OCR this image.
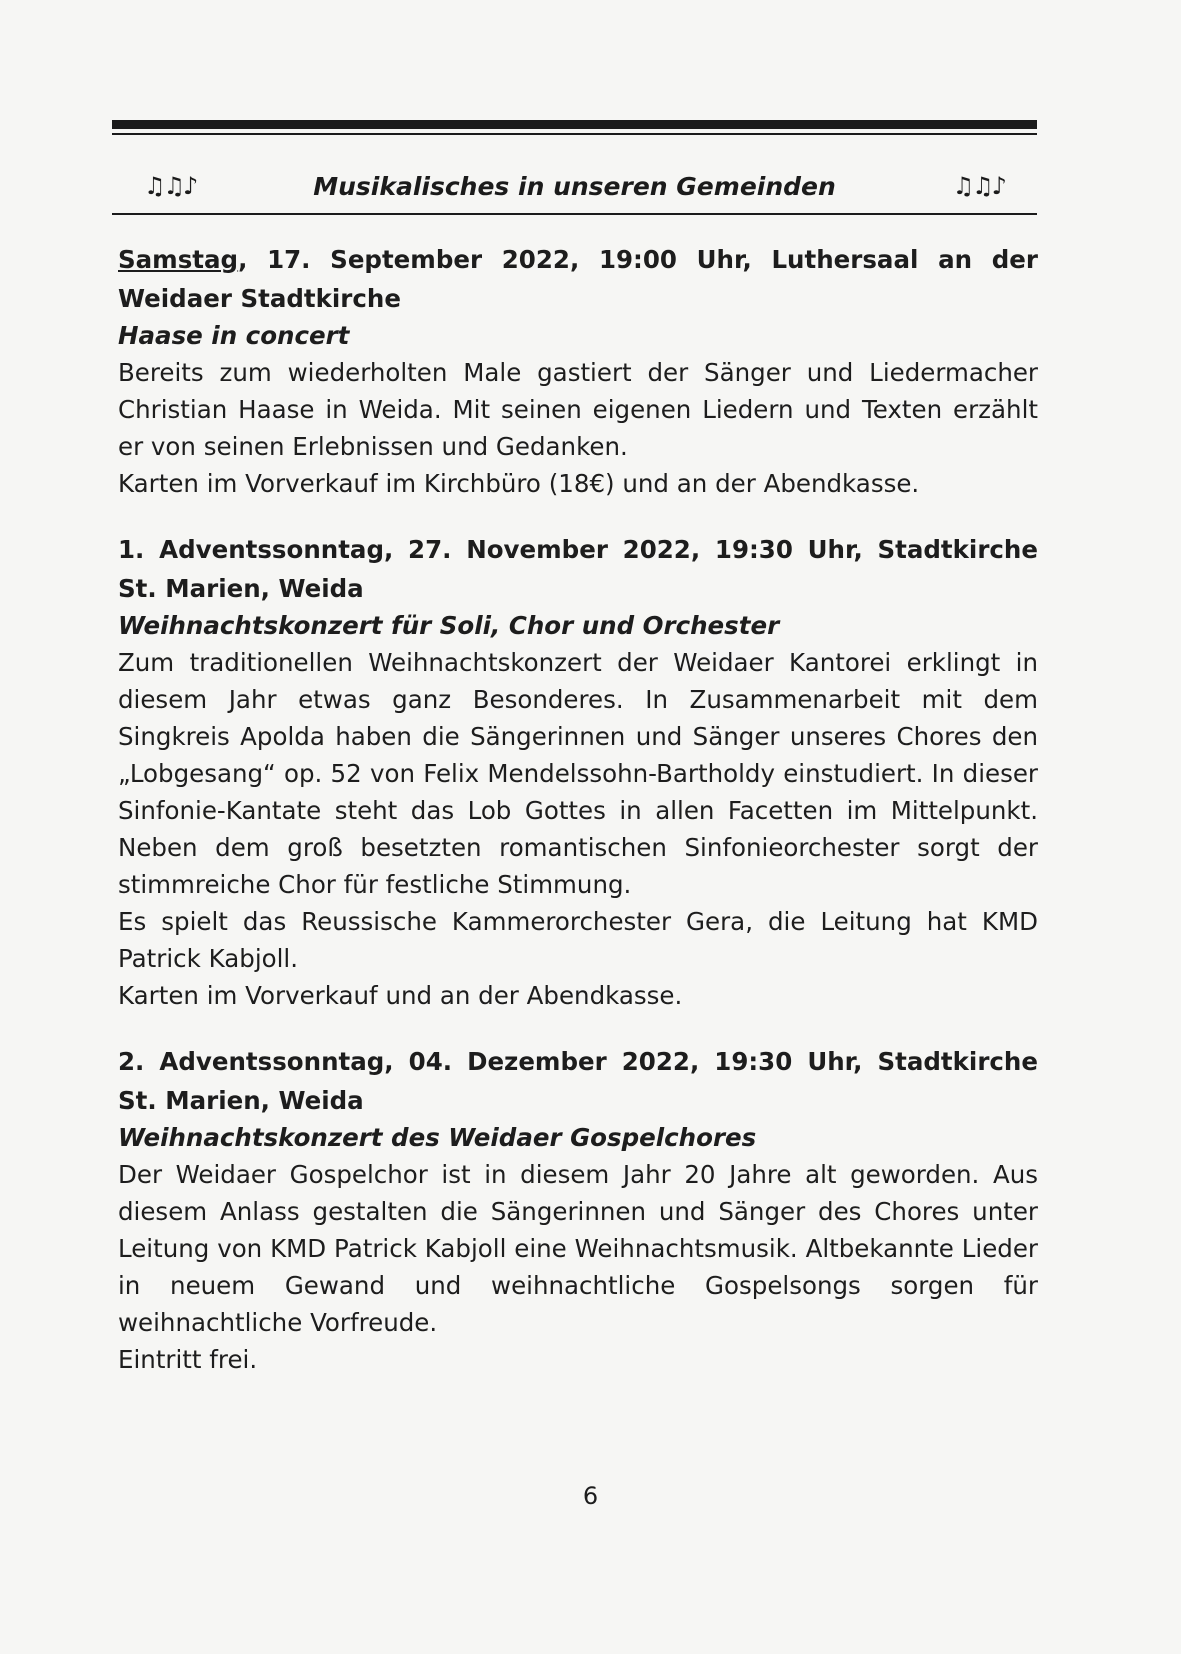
♫♫♪	Musikalisches in unseren Gemeinden	♫♫♪

Samstag, 17. September 2022, 19:00 Uhr, Luthersaal an der Weidaer Stadtkirche

Haase in concert

Bereits zum wiederholten Male gastiert der Sänger und Liedermacher Christian Haase in Weida. Mit seinen eigenen Liedern und Texten erzählt er von seinen Erlebnissen und Gedanken.

Karten im Vorverkauf im Kirchbüro (18€) und an der Abendkasse.

1. Adventssonntag, 27. November 2022, 19:30 Uhr, Stadtkirche St. Marien, Weida

Weihnachtskonzert für Soli, Chor und Orchester

Zum traditionellen Weihnachtskonzert der Weidaer Kantorei erklingt in diesem Jahr etwas ganz Besonderes. In Zusammenarbeit mit dem Singkreis Apolda haben die Sängerinnen und Sänger unseres Chores den „Lobgesang“ op. 52 von Felix Mendelssohn-Bartholdy einstudiert. In dieser Sinfonie-Kantate steht das Lob Gottes in allen Facetten im Mittelpunkt. Neben dem groß besetzten romantischen Sinfonieorchester sorgt der stimmreiche Chor für festliche Stimmung.

Es spielt das Reussische Kammerorchester Gera, die Leitung hat KMD Patrick Kabjoll.

Karten im Vorverkauf und an der Abendkasse.

2. Adventssonntag, 04. Dezember 2022, 19:30 Uhr, Stadtkirche St. Marien, Weida

Weihnachtskonzert des Weidaer Gospelchores

Der Weidaer Gospelchor ist in diesem Jahr 20 Jahre alt geworden. Aus diesem Anlass gestalten die Sängerinnen und Sänger des Chores unter Leitung von KMD Patrick Kabjoll eine Weihnachtsmusik. Altbekannte Lieder in neuem Gewand und weihnachtliche Gospelsongs sorgen für weihnachtliche Vorfreude.

Eintritt frei.

6
